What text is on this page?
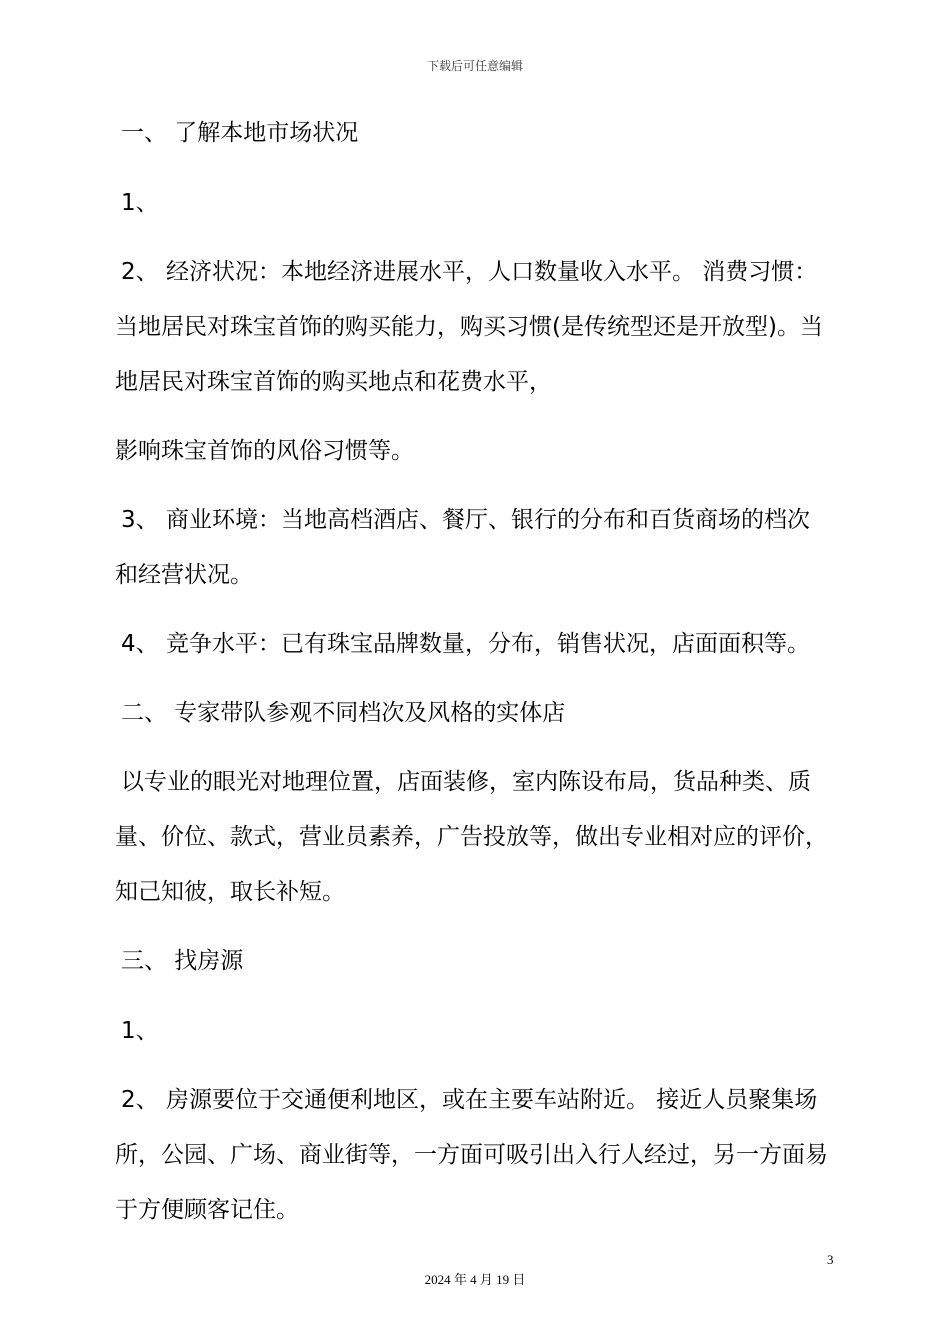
下载后可任意编辑
一、 了解本地市场状况
1、
2、 经济状况：本地经济进展水平，人口数量收入水平。 消费习惯：
当地居民对珠宝首饰的购买能力，购买习惯(是传统型还是开放型)。当
地居民对珠宝首饰的购买地点和花费水平，
影响珠宝首饰的风俗习惯等。
3、 商业环境：当地高档酒店、餐厅、银行的分布和百货商场的档次
和经营状况。
4、 竞争水平：已有珠宝品牌数量，分布，销售状况，店面面积等。
二、 专家带队参观不同档次及风格的实体店
以专业的眼光对地理位置，店面装修，室内陈设布局，货品种类、质
量、价位、款式，营业员素养，广告投放等，做出专业相对应的评价，
知己知彼，取长补短。
三、 找房源
1、
2、 房源要位于交通便利地区，或在主要车站附近。 接近人员聚集场
所，公园、广场、商业街等，一方面可吸引出入行人经过，另一方面易
于方便顾客记住。
3
2024 年 4 月 19 日
